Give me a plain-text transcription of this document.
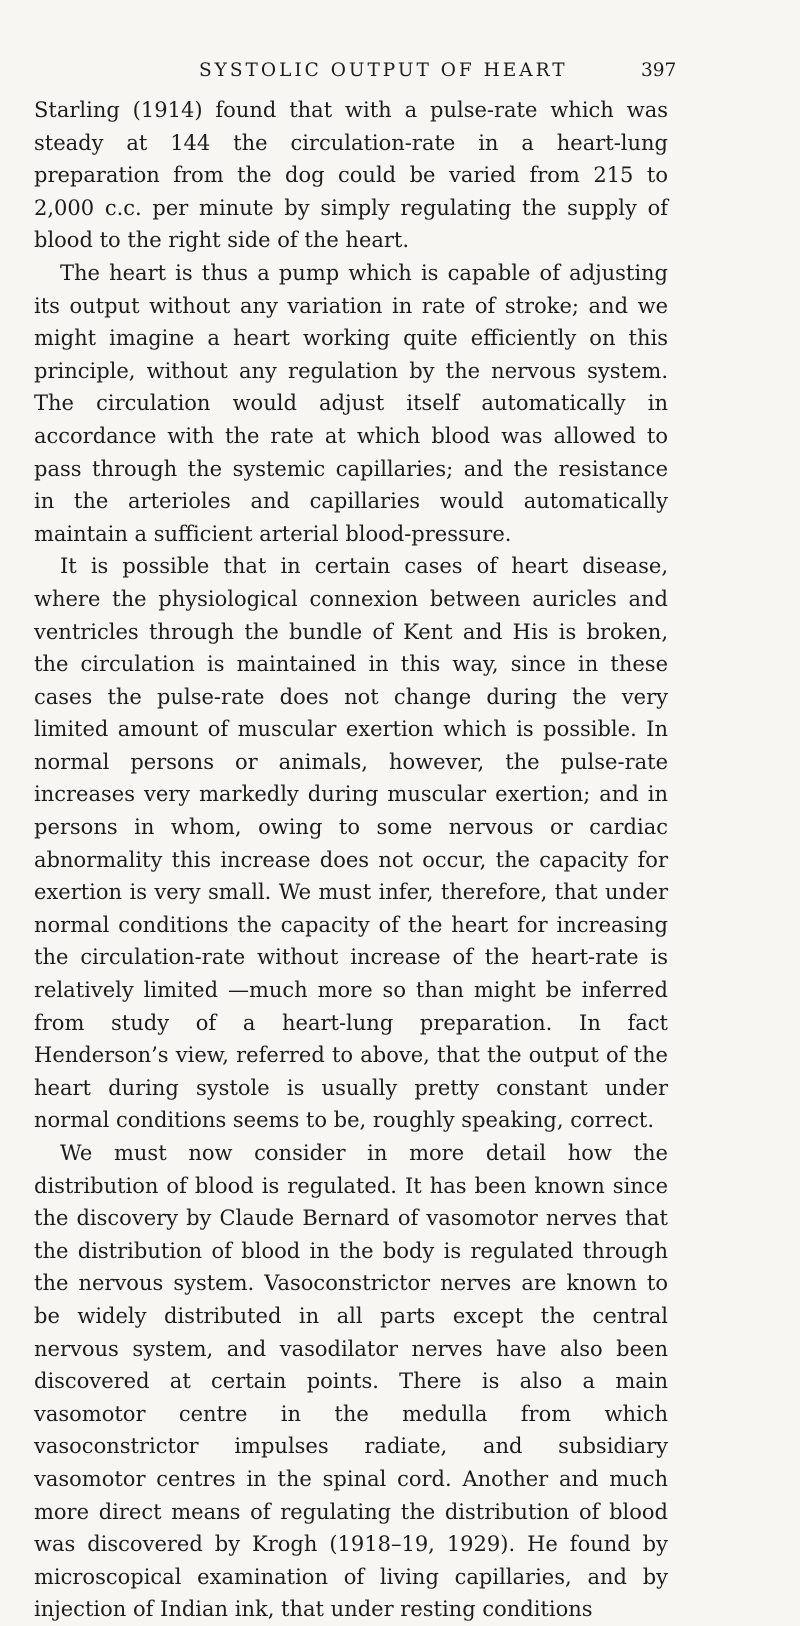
SYSTOLIC OUTPUT OF HEART	397

Starling (1914) found that with a pulse-rate which was steady at 144 the circulation-rate in a heart-lung preparation from the dog could be varied from 215 to 2,000 c.c. per minute by simply regulating the supply of blood to the right side of the heart.

The heart is thus a pump which is capable of adjusting its output without any variation in rate of stroke; and we might imagine a heart working quite efficiently on this principle, without any regulation by the nervous system. The circulation would adjust itself automatically in accordance with the rate at which blood was allowed to pass through the systemic capillaries; and the resistance in the arterioles and capillaries would automatically maintain a sufficient arterial blood-pressure.

It is possible that in certain cases of heart disease, where the physiological connexion between auricles and ventricles through the bundle of Kent and His is broken, the circulation is maintained in this way, since in these cases the pulse-rate does not change during the very limited amount of muscular exertion which is possible. In normal persons or animals, however, the pulse-rate increases very markedly during muscular exertion; and in persons in whom, owing to some nervous or cardiac abnormality this increase does not occur, the capacity for exertion is very small. We must infer, therefore, that under normal conditions the capacity of the heart for increasing the circulation-rate without increase of the heart-rate is relatively limited —much more so than might be inferred from study of a heart-lung preparation. In fact Henderson’s view, referred to above, that the output of the heart during systole is usually pretty constant under normal conditions seems to be, roughly speaking, correct.

We must now consider in more detail how the distribution of blood is regulated. It has been known since the discovery by Claude Bernard of vasomotor nerves that the distribution of blood in the body is regulated through the nervous system. Vasoconstrictor nerves are known to be widely distributed in all parts except the central nervous system, and vasodilator nerves have also been discovered at certain points. There is also a main vasomotor centre in the medulla from which vasoconstrictor impulses radiate, and subsidiary vasomotor centres in the spinal cord. Another and much more direct means of regulating the distribution of blood was discovered by Krogh (1918–19, 1929). He found by microscopical examination of living capillaries, and by injection of Indian ink, that under resting conditions
